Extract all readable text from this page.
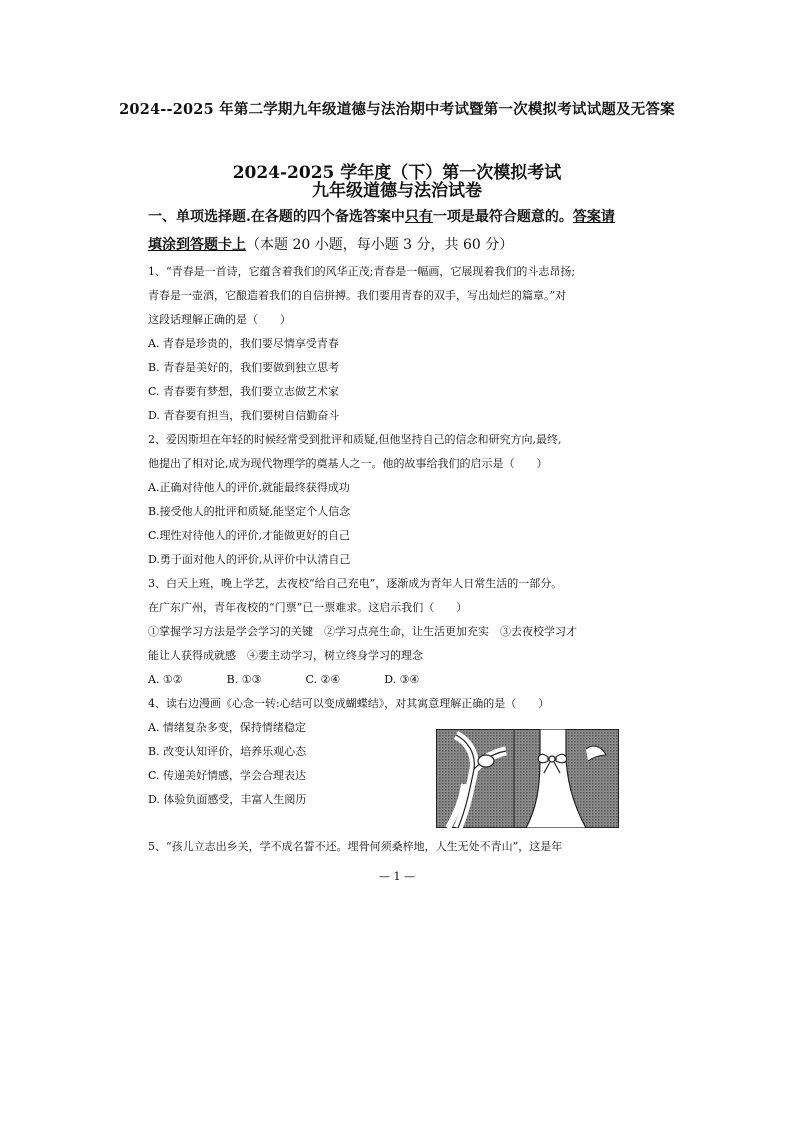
2024--2025 年第二学期九年级道德与法治期中考试暨第一次模拟考试试题及无答案
2024-2025 学年度（下）第一次模拟考试
九年级道德与法治试卷
一、单项选择题.在各题的四个备选答案中只有一项是最符合题意的。答案请
填涂到答题卡上（本题 20 小题，每小题 3 分，共 60 分）
1、“青春是一首诗，它蕴含着我们的风华正茂;青春是一幅画，它展现着我们的斗志昂扬;
青春是一壶酒，它酿造着我们的自信拼搏。我们要用青春的双手，写出灿烂的篇章。”对
这段话理解正确的是（　　）
A. 青春是珍贵的，我们要尽情享受青春
B. 青春是美好的，我们要做到独立思考
C. 青春要有梦想，我们要立志做艺术家
D. 青春要有担当，我们要树自信勤奋斗
2、爱因斯坦在年轻的时候经常受到批评和质疑,但他坚持自己的信念和研究方向,最终,
他提出了相对论,成为现代物理学的奠基人之一。他的故事给我们的启示是（　　）
A.正确对待他人的评价,就能最终获得成功
B.接受他人的批评和质疑,能坚定个人信念
C.理性对待他人的评价,才能做更好的自己
D.勇于面对他人的评价,从评价中认清自己
3、白天上班，晚上学艺，去夜校“给自己充电”，逐渐成为青年人日常生活的一部分。
在广东广州，青年夜校的“门票”已一票难求。这启示我们（　　）
①掌握学习方法是学会学习的关键　②学习点亮生命，让生活更加充实　③去夜校学习才
能让人获得成就感　④要主动学习，树立终身学习的理念
A. ①②　　　　B. ①③　　　　C. ②④　　　　D. ③④
4、读右边漫画《心念一转:心结可以变成蝴蝶结》，对其寓意理解正确的是（　　）
A. 情绪复杂多变，保持情绪稳定
B. 改变认知评价，培养乐观心态
C. 传递美好情感，学会合理表达
D. 体验负面感受，丰富人生阅历
5、“孩儿立志出乡关，学不成名誓不还。埋骨何须桑梓地，人生无处不青山”，这是年
— 1 —
